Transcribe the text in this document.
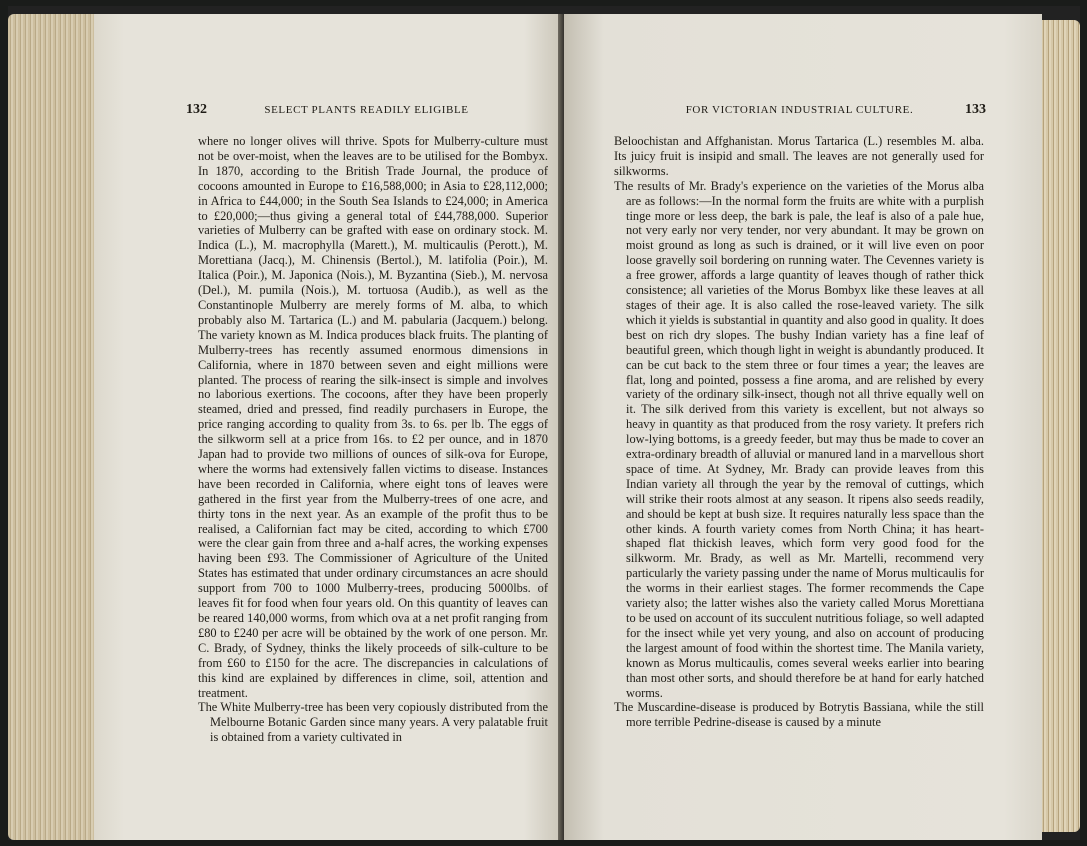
132	SELECT PLANTS READILY ELIGIBLE

where no longer olives will thrive. Spots for Mulberry-culture must not be over-moist, when the leaves are to be utilised for the Bombyx. In 1870, according to the British Trade Journal, the produce of cocoons amounted in Europe to £16,588,000; in Asia to £28,112,000; in Africa to £44,000; in the South Sea Islands to £24,000; in America to £20,000;—thus giving a general total of £44,788,000. Superior varieties of Mulberry can be grafted with ease on ordinary stock. M. Indica (L.), M. macrophylla (Marett.), M. multicaulis (Perott.), M. Morettiana (Jacq.), M. Chinensis (Bertol.), M. latifolia (Poir.), M. Italica (Poir.), M. Japonica (Nois.), M. Byzantina (Sieb.), M. nervosa (Del.), M. pumila (Nois.), M. tortuosa (Audib.), as well as the Constantinople Mulberry are merely forms of M. alba, to which probably also M. Tartarica (L.) and M. pabularia (Jacquem.) belong. The variety known as M. Indica produces black fruits. The planting of Mulberry-trees has recently assumed enormous dimensions in California, where in 1870 between seven and eight millions were planted. The process of rearing the silk-insect is simple and involves no laborious exertions. The cocoons, after they have been properly steamed, dried and pressed, find readily purchasers in Europe, the price ranging according to quality from 3s. to 6s. per lb. The eggs of the silkworm sell at a price from 16s. to £2 per ounce, and in 1870 Japan had to provide two millions of ounces of silk-ova for Europe, where the worms had extensively fallen victims to disease. Instances have been recorded in California, where eight tons of leaves were gathered in the first year from the Mulberry-trees of one acre, and thirty tons in the next year. As an example of the profit thus to be realised, a Californian fact may be cited, according to which £700 were the clear gain from three and a-half acres, the working expenses having been £93. The Commissioner of Agriculture of the United States has estimated that under ordinary circumstances an acre should support from 700 to 1000 Mulberry-trees, producing 5000lbs. of leaves fit for food when four years old. On this quantity of leaves can be reared 140,000 worms, from which ova at a net profit ranging from £80 to £240 per acre will be obtained by the work of one person. Mr. C. Brady, of Sydney, thinks the likely proceeds of silk-culture to be from £60 to £150 for the acre. The discrepancies in calculations of this kind are explained by differences in clime, soil, attention and treatment.

The White Mulberry-tree has been very copiously distributed from the Melbourne Botanic Garden since many years. A very palatable fruit is obtained from a variety cultivated in

FOR VICTORIAN INDUSTRIAL CULTURE.	133

Beloochistan and Affghanistan. Morus Tartarica (L.) resembles M. alba. Its juicy fruit is insipid and small. The leaves are not generally used for silkworms.

The results of Mr. Brady's experience on the varieties of the Morus alba are as follows:—In the normal form the fruits are white with a purplish tinge more or less deep, the bark is pale, the leaf is also of a pale hue, not very early nor very tender, nor very abundant. It may be grown on moist ground as long as such is drained, or it will live even on poor loose gravelly soil bordering on running water. The Cevennes variety is a free grower, affords a large quantity of leaves though of rather thick consistence; all varieties of the Morus Bombyx like these leaves at all stages of their age. It is also called the rose-leaved variety. The silk which it yields is substantial in quantity and also good in quality. It does best on rich dry slopes. The bushy Indian variety has a fine leaf of beautiful green, which though light in weight is abundantly produced. It can be cut back to the stem three or four times a year; the leaves are flat, long and pointed, possess a fine aroma, and are relished by every variety of the ordinary silk-insect, though not all thrive equally well on it. The silk derived from this variety is excellent, but not always so heavy in quantity as that produced from the rosy variety. It prefers rich low-lying bottoms, is a greedy feeder, but may thus be made to cover an extra-ordinary breadth of alluvial or manured land in a marvellous short space of time. At Sydney, Mr. Brady can provide leaves from this Indian variety all through the year by the removal of cuttings, which will strike their roots almost at any season. It ripens also seeds readily, and should be kept at bush size. It requires naturally less space than the other kinds. A fourth variety comes from North China; it has heart-shaped flat thickish leaves, which form very good food for the silkworm. Mr. Brady, as well as Mr. Martelli, recommend very particularly the variety passing under the name of Morus multicaulis for the worms in their earliest stages. The former recommends the Cape variety also; the latter wishes also the variety called Morus Morettiana to be used on account of its succulent nutritious foliage, so well adapted for the insect while yet very young, and also on account of producing the largest amount of food within the shortest time. The Manila variety, known as Morus multicaulis, comes several weeks earlier into bearing than most other sorts, and should therefore be at hand for early hatched worms.

The Muscardine-disease is produced by Botrytis Bassiana, while the still more terrible Pedrine-disease is caused by a minute
